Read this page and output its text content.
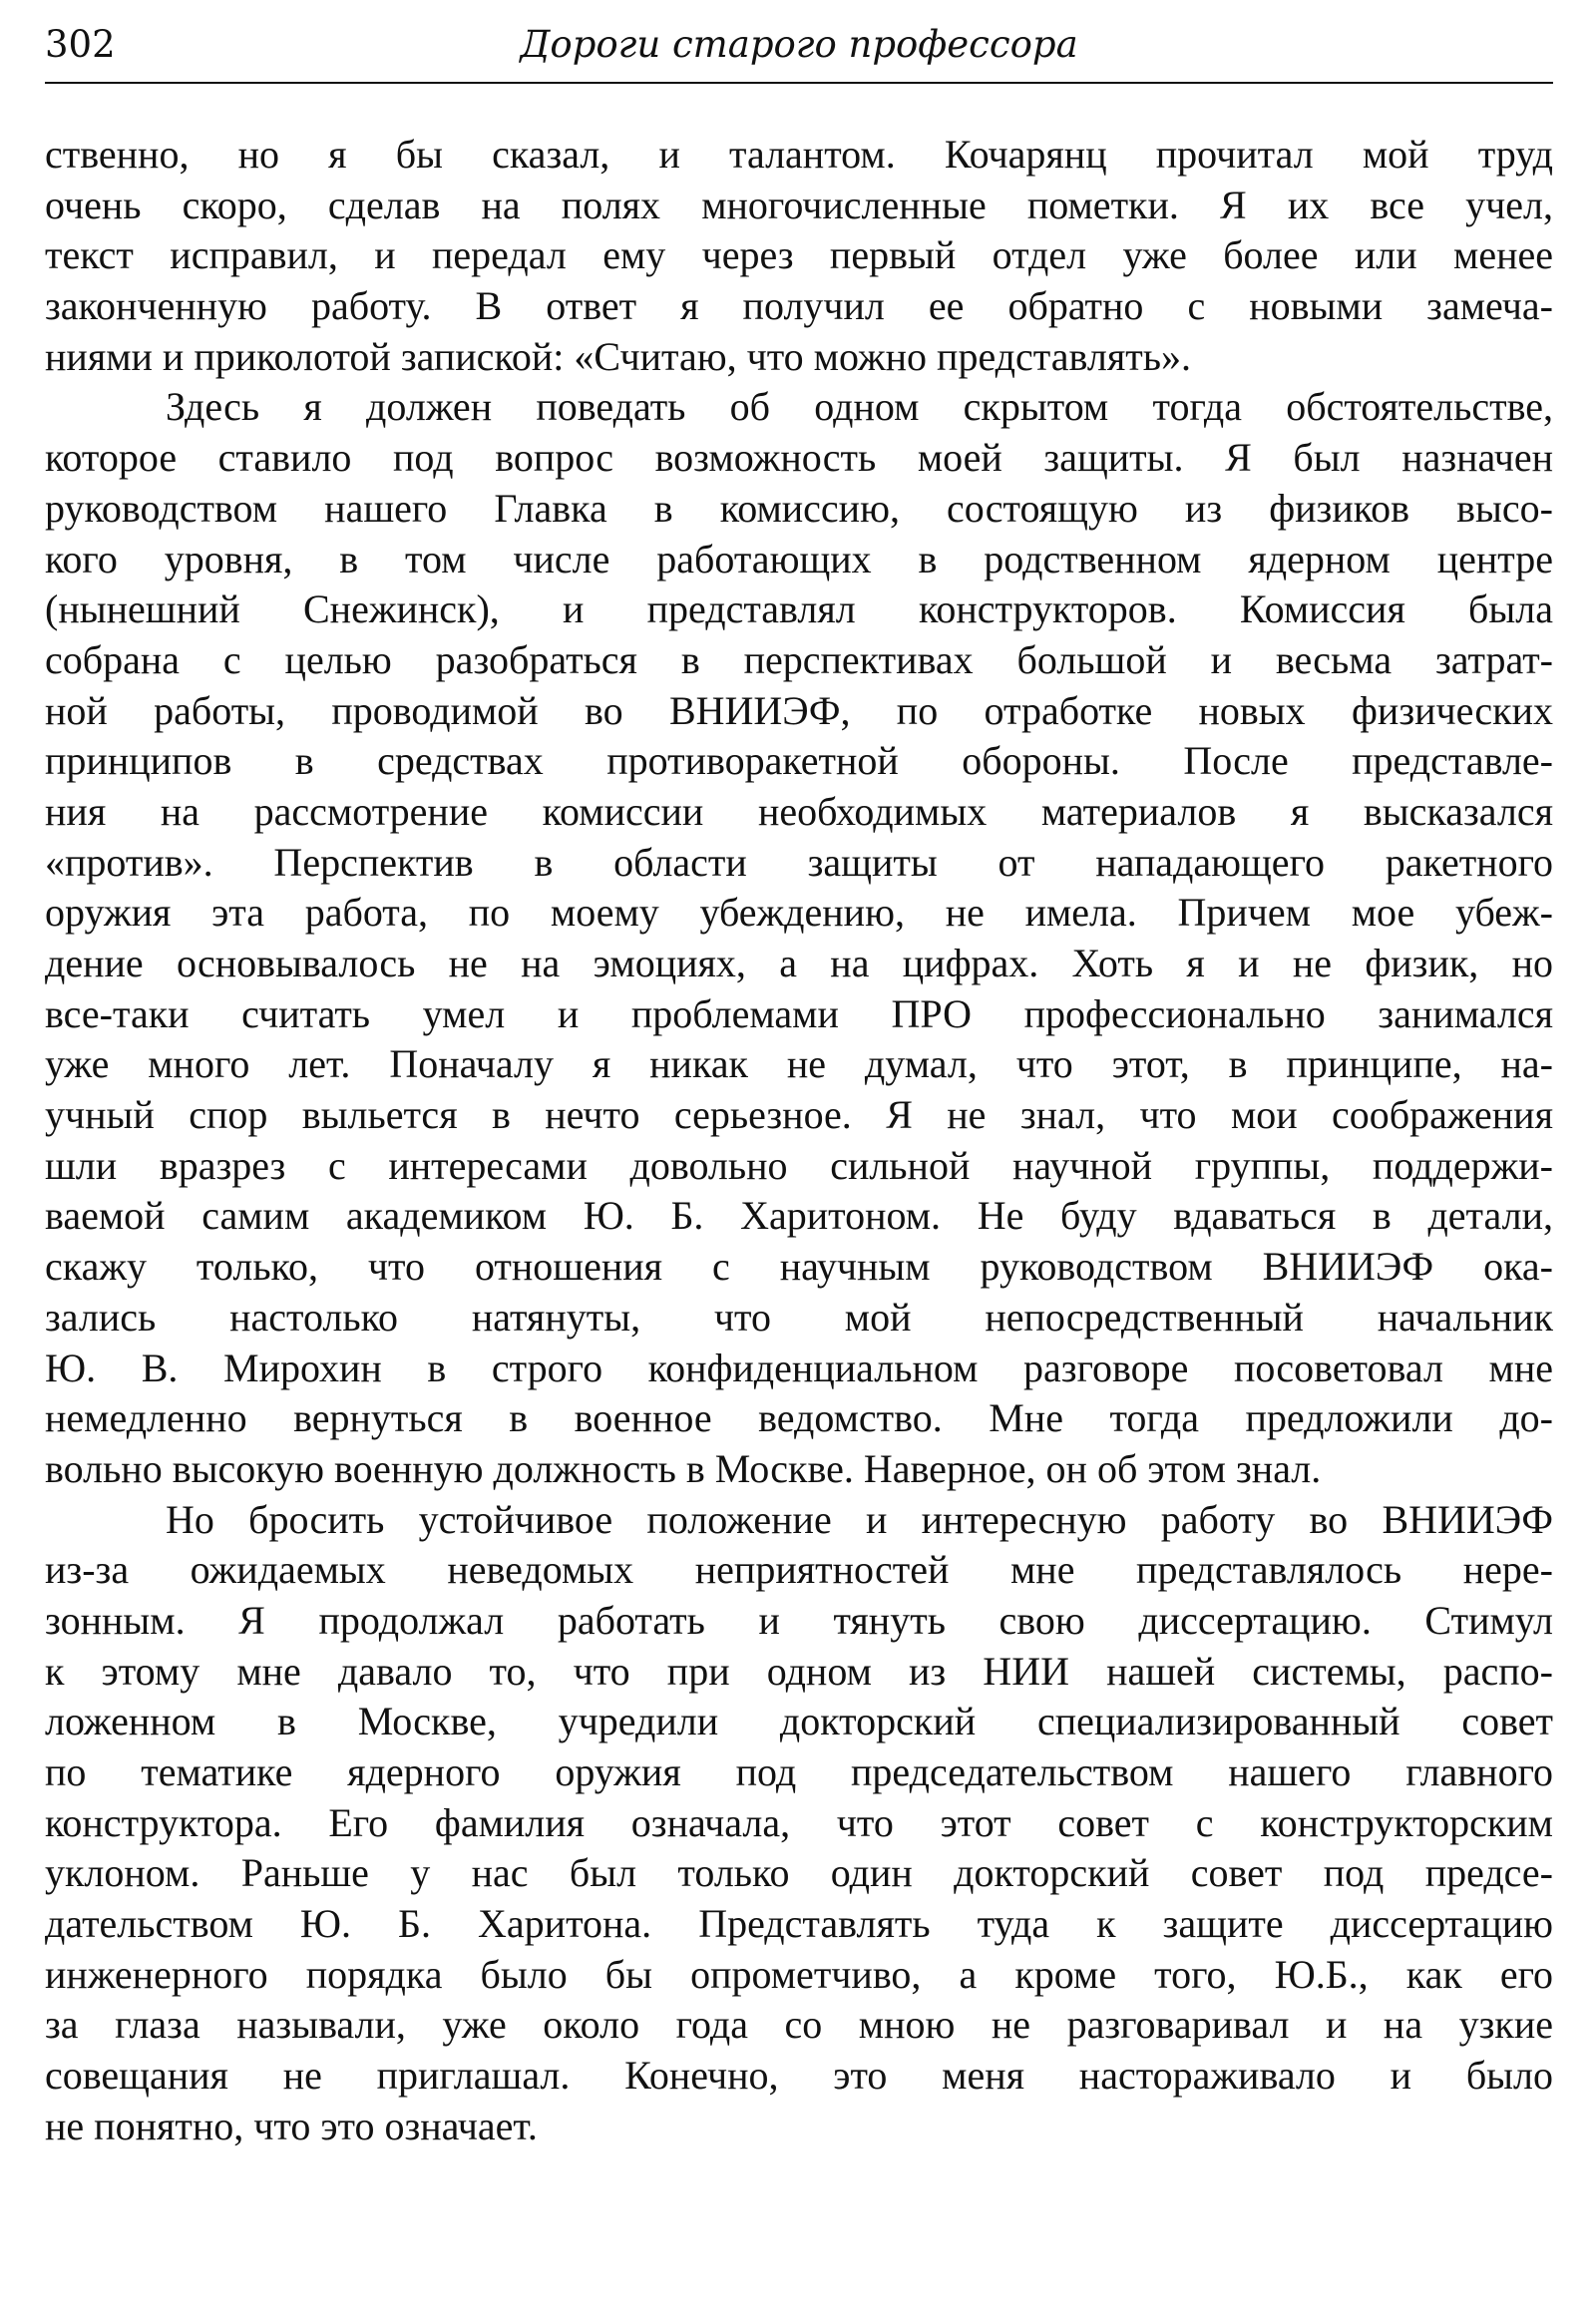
302	Дороги старого профессора
ственно, но я бы сказал, и талантом. Кочарянц прочитал мой труд
очень скоро, сделав на полях многочисленные пометки. Я их все учел,
текст исправил, и передал ему через первый отдел уже более или менее
законченную работу. В ответ я получил ее обратно с новыми замеча-
ниями и приколотой запиской: «Считаю, что можно представлять».
Здесь я должен поведать об одном скрытом тогда обстоятельстве,
которое ставило под вопрос возможность моей защиты. Я был назначен
руководством нашего Главка в комиссию, состоящую из физиков высо-
кого уровня, в том числе работающих в родственном ядерном центре
(нынешний Снежинск), и представлял конструкторов. Комиссия была
собрана с целью разобраться в перспективах большой и весьма затрат-
ной работы, проводимой во ВНИИЭФ, по отработке новых физических
принципов в средствах противоракетной обороны. После представле-
ния на рассмотрение комиссии необходимых материалов я высказался
«против». Перспектив в области защиты от нападающего ракетного
оружия эта работа, по моему убеждению, не имела. Причем мое убеж-
дение основывалось не на эмоциях, а на цифрах. Хоть я и не физик, но
все-таки считать умел и проблемами ПРО профессионально занимался
уже много лет. Поначалу я никак не думал, что этот, в принципе, на-
учный спор выльется в нечто серьезное. Я не знал, что мои соображения
шли вразрез с интересами довольно сильной научной группы, поддержи-
ваемой самим академиком Ю. Б. Харитоном. Не буду вдаваться в детали,
скажу только, что отношения с научным руководством ВНИИЭФ ока-
зались настолько натянуты, что мой непосредственный начальник
Ю. В. Мирохин в строго конфиденциальном разговоре посоветовал мне
немедленно вернуться в военное ведомство. Мне тогда предложили до-
вольно высокую военную должность в Москве. Наверное, он об этом знал.
Но бросить устойчивое положение и интересную работу во ВНИИЭФ
из-за ожидаемых неведомых неприятностей мне представлялось нере-
зонным. Я продолжал работать и тянуть свою диссертацию. Стимул
к этому мне давало то, что при одном из НИИ нашей системы, распо-
ложенном в Москве, учредили докторский специализированный совет
по тематике ядерного оружия под председательством нашего главного
конструктора. Его фамилия означала, что этот совет с конструкторским
уклоном. Раньше у нас был только один докторский совет под предсе-
дательством Ю. Б. Харитона. Представлять туда к защите диссертацию
инженерного порядка было бы опрометчиво, а кроме того, Ю.Б., как его
за глаза называли, уже около года со мною не разговаривал и на узкие
совещания не приглашал. Конечно, это меня настораживало и было
не понятно, что это означает.
